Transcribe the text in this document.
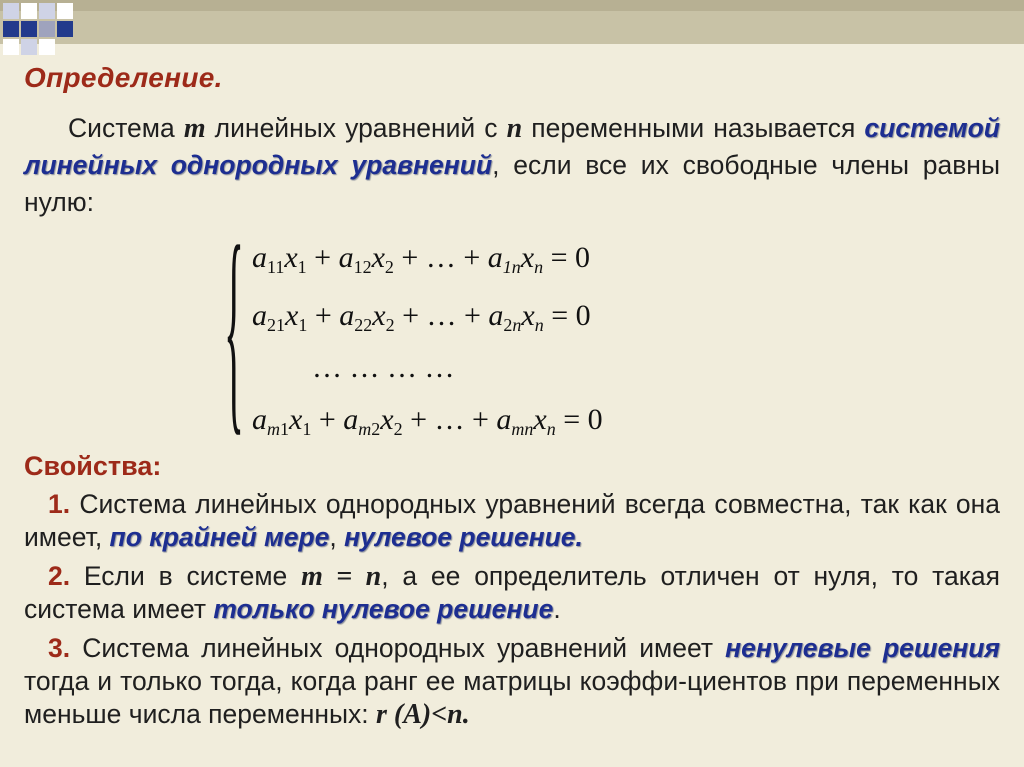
Определение.
Система m линейных уравнений с n переменными называется системой линейных однородных уравнений, если все их свободные члены равны нулю: { $a_{11}x_1 + a_{12}x_2$ + … + $a_{1n}x_n = 0$
$a_{21}x_1 + a_{22}x_2$ + … + $a_{2n}x_n = 0$
… … … …
$a_{m1}x_1 + a_{m2}x_2$ + … + $a_{mn}x_n = 0$
Свойства:
1. Система линейных однородных уравнений всегда совместна, так как она имеет, по крайней мере, нулевое решение.
2. Если в системе m = n, а ее определитель отличен от нуля, то такая система имеет только нулевое решение.
3. Система линейных однородных уравнений имеет ненулевые решения тогда и только тогда, когда ранг ее матрицы коэффи-циентов при переменных меньше числа переменных: r (A)<n.
